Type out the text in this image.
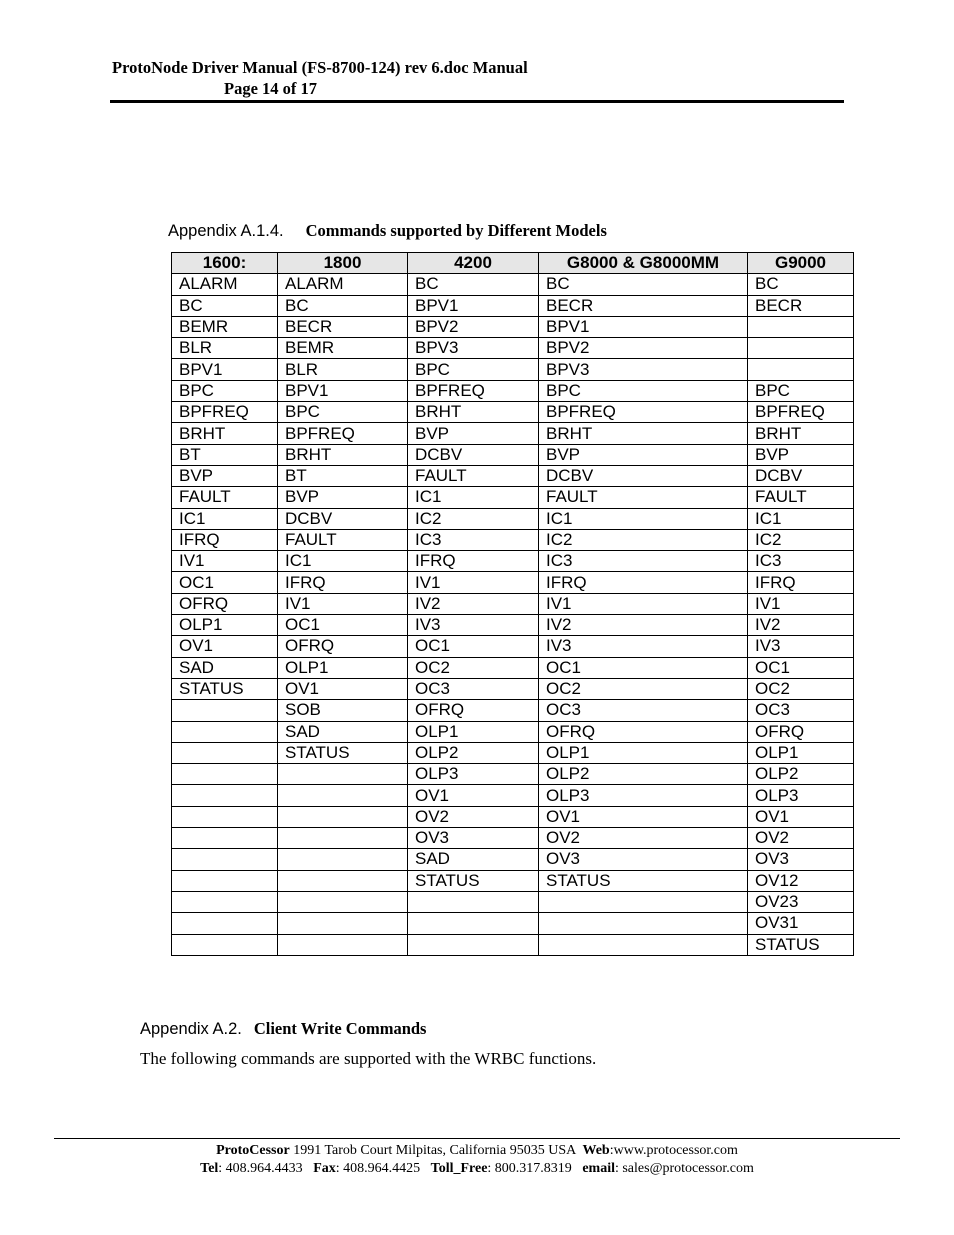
ProtoNode Driver Manual (FS-8700-124) rev 6.doc Manual
Page 14 of 17
Appendix A.1.4. Commands supported by Different Models
1600:	1800	4200	G8000 & G8000MM	G9000
ALARM	ALARM	BC	BC	BC
BC	BC	BPV1	BECR	BECR
BEMR	BECR	BPV2	BPV1	
BLR	BEMR	BPV3	BPV2	
BPV1	BLR	BPC	BPV3	
BPC	BPV1	BPFREQ	BPC	BPC
BPFREQ	BPC	BRHT	BPFREQ	BPFREQ
BRHT	BPFREQ	BVP	BRHT	BRHT
BT	BRHT	DCBV	BVP	BVP
BVP	BT	FAULT	DCBV	DCBV
FAULT	BVP	IC1	FAULT	FAULT
IC1	DCBV	IC2	IC1	IC1
IFRQ	FAULT	IC3	IC2	IC2
IV1	IC1	IFRQ	IC3	IC3
OC1	IFRQ	IV1	IFRQ	IFRQ
OFRQ	IV1	IV2	IV1	IV1
OLP1	OC1	IV3	IV2	IV2
OV1	OFRQ	OC1	IV3	IV3
SAD	OLP1	OC2	OC1	OC1
STATUS	OV1	OC3	OC2	OC2
	SOB	OFRQ	OC3	OC3
	SAD	OLP1	OFRQ	OFRQ
	STATUS	OLP2	OLP1	OLP1
		OLP3	OLP2	OLP2
		OV1	OLP3	OLP3
		OV2	OV1	OV1
		OV3	OV2	OV2
		SAD	OV3	OV3
		STATUS	STATUS	OV12
				OV23
				OV31
				STATUS
Appendix A.2. Client Write Commands
The following commands are supported with the WRBC functions.
ProtoCessor 1991 Tarob Court Milpitas, California 95035 USA  Web:www.protocessor.com
Tel: 408.964.4433   Fax: 408.964.4425   Toll_Free: 800.317.8319   email: sales@protocessor.com
